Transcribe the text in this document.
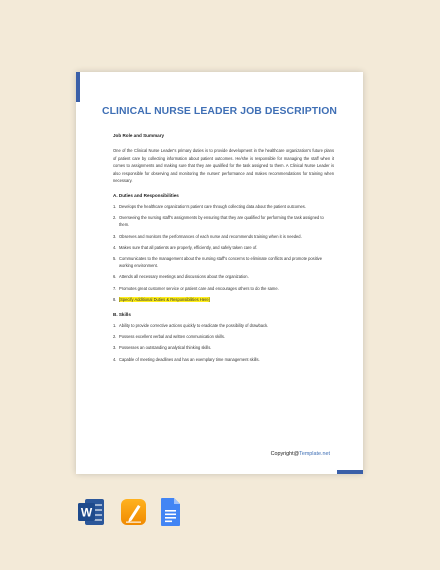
CLINICAL NURSE LEADER JOB DESCRIPTION

Job Role and Summary

One of the Clinical Nurse Leader's primary duties is to provide development in the healthcare organization's future plans of patient care by collecting information about patient outcomes. He/she is responsible for managing the staff when it comes to assignments and making sure that they are qualified for the task assigned to them. A Clinical Nurse Leader is also responsible for observing and monitoring the nurses' performance and makes recommendations for training when necessary.

A. Duties and Responsibilities

1. Develops the healthcare organization's patient care through collecting data about the patient outcomes.
2. Overseeing the nursing staff's assignments by ensuring that they are qualified for performing the task assigned to them.
3. Observes and monitors the performances of each nurse and recommends training when it is needed.
4. Makes sure that all patients are properly, efficiently, and safely taken care of.
5. Communicates to the management about the nursing staff's concerns to eliminate conflicts and promote positive working environment.
6. Attends all necessary meetings and discussions about the organization.
7. Promotes great customer service or patient care and encourages others to do the same.
8. [Specify Additional Duties & Responsibilities Here]

B. Skills

1. Ability to provide corrective actions quickly to eradicate the possibility of drawback.
2. Possess excellent verbal and written communication skills.
3. Possesses an outstanding analytical thinking skills.
4. Capable of meeting deadlines and has an exemplary time management skills.
Copyright@Template.net
W
